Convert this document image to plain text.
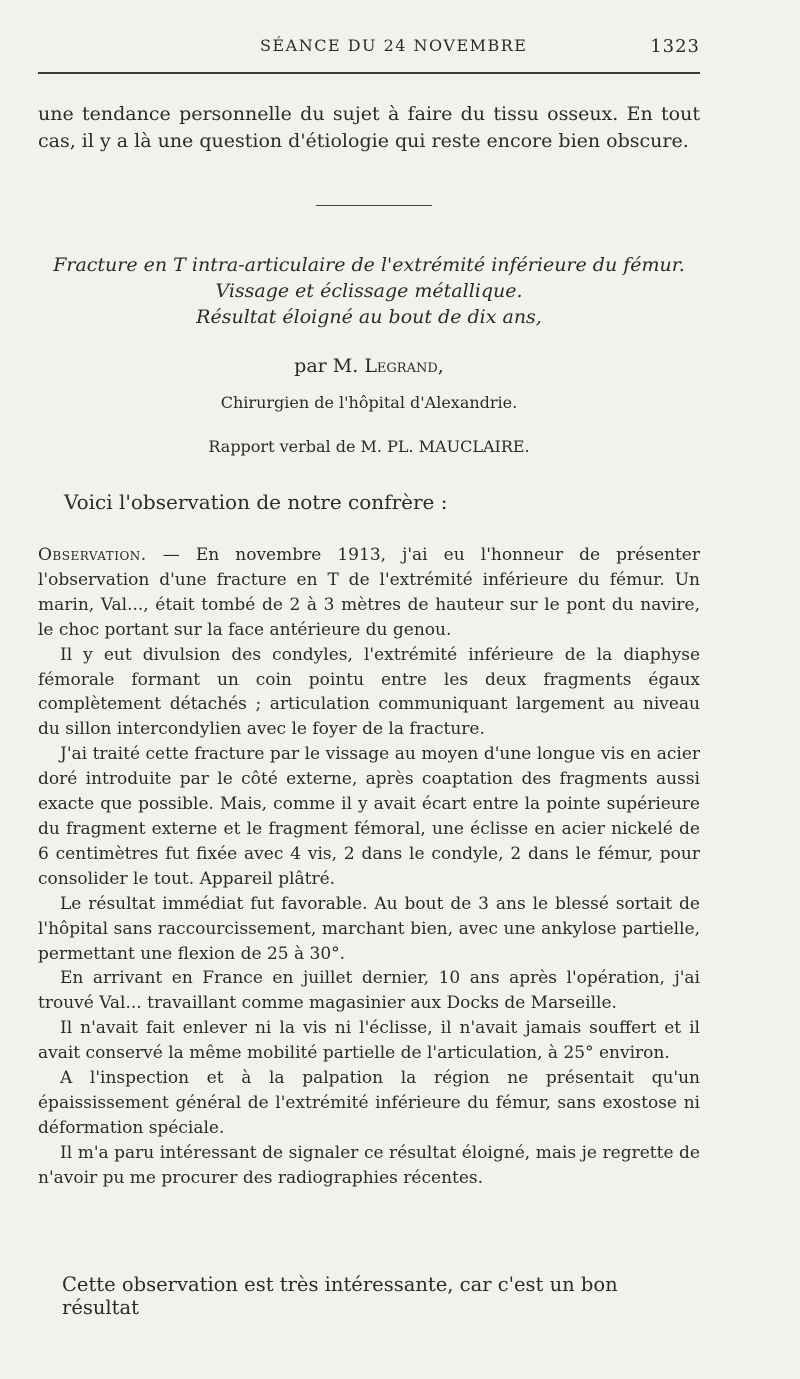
SÉANCE DU 24 NOVEMBRE	1323
une tendance personnelle du sujet à faire du tissu osseux. En tout cas, il y a là une question d'étiologie qui reste encore bien obscure.
Fracture en T intra-articulaire de l'extrémité inférieure du fémur.
Vissage et éclissage métallique.
Résultat éloigné au bout de dix ans,
par M. Legrand,
Chirurgien de l'hôpital d'Alexandrie.
Rapport verbal de M. PL. MAUCLAIRE.
Voici l'observation de notre confrère :

Observation. — En novembre 1913, j'ai eu l'honneur de présenter l'observation d'une fracture en T de l'extrémité inférieure du fémur. Un marin, Val..., était tombé de 2 à 3 mètres de hauteur sur le pont du navire, le choc portant sur la face antérieure du genou.

Il y eut divulsion des condyles, l'extrémité inférieure de la diaphyse fémorale formant un coin pointu entre les deux fragments égaux complètement détachés ; articulation communiquant largement au niveau du sillon intercondylien avec le foyer de la fracture.

J'ai traité cette fracture par le vissage au moyen d'une longue vis en acier doré introduite par le côté externe, après coaptation des fragments aussi exacte que possible. Mais, comme il y avait écart entre la pointe supérieure du fragment externe et le fragment fémoral, une éclisse en acier nickelé de 6 centimètres fut fixée avec 4 vis, 2 dans le condyle, 2 dans le fémur, pour consolider le tout. Appareil plâtré.

Le résultat immédiat fut favorable. Au bout de 3 ans le blessé sortait de l'hôpital sans raccourcissement, marchant bien, avec une ankylose partielle, permettant une flexion de 25 à 30°.

En arrivant en France en juillet dernier, 10 ans après l'opération, j'ai trouvé Val... travaillant comme magasinier aux Docks de Marseille.

Il n'avait fait enlever ni la vis ni l'éclisse, il n'avait jamais souffert et il avait conservé la même mobilité partielle de l'articulation, à 25° environ.

A l'inspection et à la palpation la région ne présentait qu'un épaississement général de l'extrémité inférieure du fémur, sans exostose ni déformation spéciale.

Il m'a paru intéressant de signaler ce résultat éloigné, mais je regrette de n'avoir pu me procurer des radiographies récentes.

Cette observation est très intéressante, car c'est un bon résultat
